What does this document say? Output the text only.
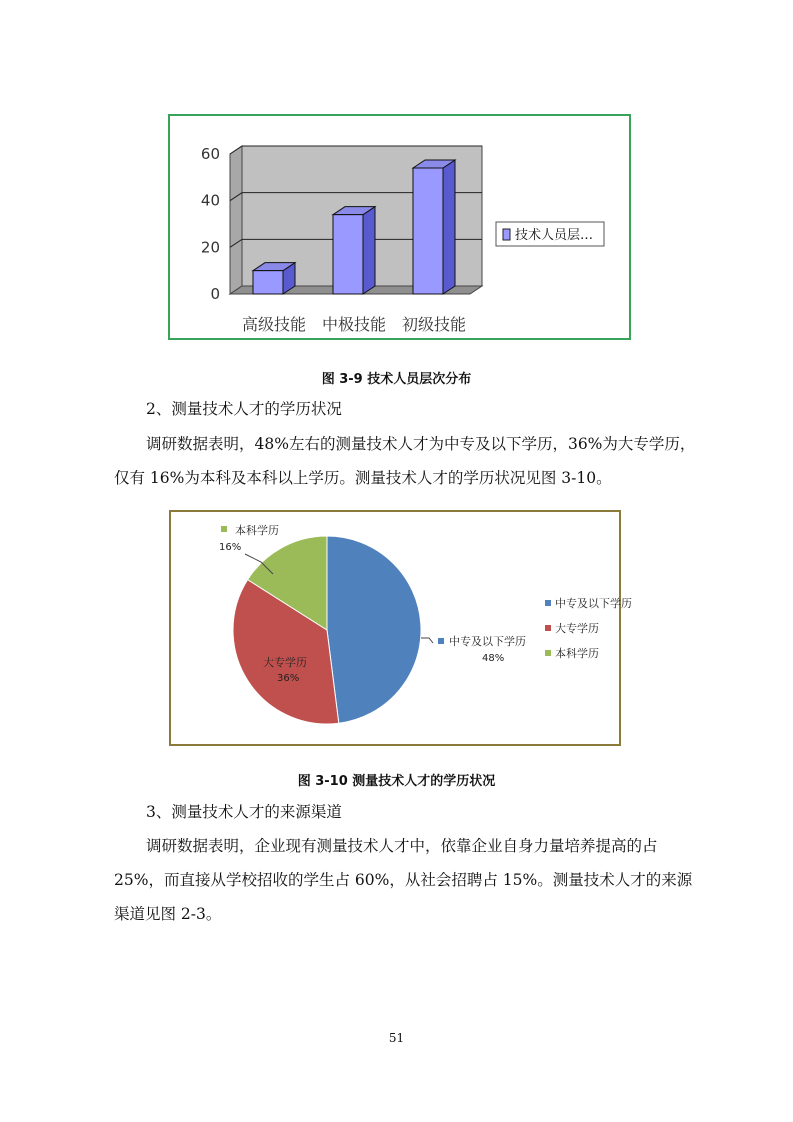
0
20
40
60
高级技能 中极技能 初级技能
技术人员层…
图 3-9 技术人员层次分布
2、测量技术人才的学历状况
调研数据表明，48%左右的测量技术人才为中专及以下学历，36%为大专学历，
仅有 16%为本科及本科以上学历。测量技术人才的学历状况见图 3-10。
本科学历
16%
大专学历
36%
中专及以下学历
48%
中专及以下学历
大专学历
本科学历
图 3-10 测量技术人才的学历状况
3、测量技术人才的来源渠道
调研数据表明，企业现有测量技术人才中，依靠企业自身力量培养提高的占
25%，而直接从学校招收的学生占 60%，从社会招聘占 15%。测量技术人才的来源
渠道见图 2-3。
51
